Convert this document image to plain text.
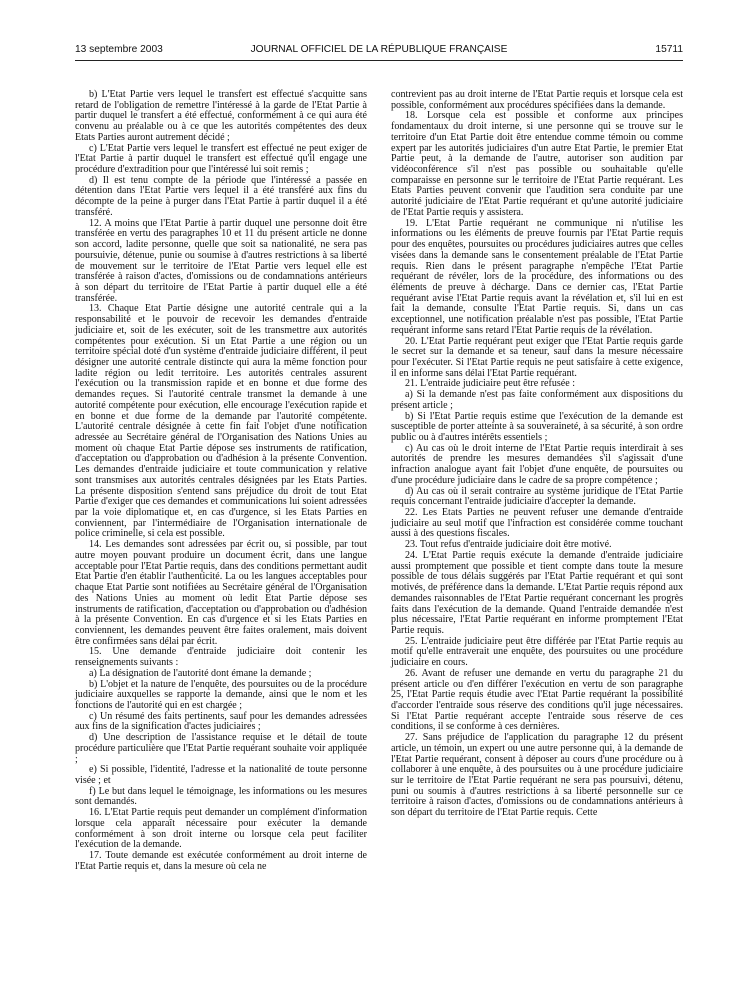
13 septembre 2003	JOURNAL OFFICIEL DE LA RÉPUBLIQUE FRANÇAISE	15711

b) L'Etat Partie vers lequel le transfert est effectué s'acquitte sans retard de l'obligation de remettre l'intéressé à la garde de l'Etat Partie à partir duquel le transfert a été effectué, conformément à ce qui aura été convenu au préalable ou à ce que les autorités compétentes des deux Etats Parties auront autrement décidé ;

c) L'Etat Partie vers lequel le transfert est effectué ne peut exiger de l'Etat Partie à partir duquel le transfert est effectué qu'il engage une procédure d'extradition pour que l'intéressé lui soit remis ;

d) Il est tenu compte de la période que l'intéressé a passée en détention dans l'Etat Partie vers lequel il a été transféré aux fins du décompte de la peine à purger dans l'Etat Partie à partir duquel il a été transféré.

12. A moins que l'Etat Partie à partir duquel une personne doit être transférée en vertu des paragraphes 10 et 11 du présent article ne donne son accord, ladite personne, quelle que soit sa nationalité, ne sera pas poursuivie, détenue, punie ou soumise à d'autres restrictions à sa liberté de mouvement sur le territoire de l'Etat Partie vers lequel elle est transférée à raison d'actes, d'omissions ou de condamnations antérieurs à son départ du territoire de l'Etat Partie à partir duquel elle a été transférée.

13. Chaque Etat Partie désigne une autorité centrale qui a la responsabilité et le pouvoir de recevoir les demandes d'entraide judiciaire et, soit de les exécuter, soit de les transmettre aux autorités compétentes pour exécution. Si un Etat Partie a une région ou un territoire spécial doté d'un système d'entraide judiciaire différent, il peut désigner une autorité centrale distincte qui aura la même fonction pour ladite région ou ledit territoire. Les autorités centrales assurent l'exécution ou la transmission rapide et en bonne et due forme des demandes reçues. Si l'autorité centrale transmet la demande à une autorité compétente pour exécution, elle encourage l'exécution rapide et en bonne et due forme de la demande par l'autorité compétente. L'autorité centrale désignée à cette fin fait l'objet d'une notification adressée au Secrétaire général de l'Organisation des Nations Unies au moment où chaque Etat Partie dépose ses instruments de ratification, d'acceptation ou d'approbation ou d'adhésion à la présente Convention. Les demandes d'entraide judiciaire et toute communication y relative sont transmises aux autorités centrales désignées par les Etats Parties. La présente disposition s'entend sans préjudice du droit de tout Etat Partie d'exiger que ces demandes et communications lui soient adressées par la voie diplomatique et, en cas d'urgence, si les Etats Parties en conviennent, par l'intermédiaire de l'Organisation internationale de police criminelle, si cela est possible.

14. Les demandes sont adressées par écrit ou, si possible, par tout autre moyen pouvant produire un document écrit, dans une langue acceptable pour l'Etat Partie requis, dans des conditions permettant audit Etat Partie d'en établir l'authenticité. La ou les langues acceptables pour chaque Etat Partie sont notifiées au Secrétaire général de l'Organisation des Nations Unies au moment où ledit Etat Partie dépose ses instruments de ratification, d'acceptation ou d'approbation ou d'adhésion à la présente Convention. En cas d'urgence et si les Etats Parties en conviennent, les demandes peuvent être faites oralement, mais doivent être confirmées sans délai par écrit.

15. Une demande d'entraide judiciaire doit contenir les renseignements suivants :

a) La désignation de l'autorité dont émane la demande ;

b) L'objet et la nature de l'enquête, des poursuites ou de la procédure judiciaire auxquelles se rapporte la demande, ainsi que le nom et les fonctions de l'autorité qui en est chargée ;

c) Un résumé des faits pertinents, sauf pour les demandes adressées aux fins de la signification d'actes judiciaires ;

d) Une description de l'assistance requise et le détail de toute procédure particulière que l'Etat Partie requérant souhaite voir appliquée ;

e) Si possible, l'identité, l'adresse et la nationalité de toute personne visée ; et

f) Le but dans lequel le témoignage, les informations ou les mesures sont demandés.

16. L'Etat Partie requis peut demander un complément d'information lorsque cela apparaît nécessaire pour exécuter la demande conformément à son droit interne ou lorsque cela peut faciliter l'exécution de la demande.

17. Toute demande est exécutée conformément au droit interne de l'Etat Partie requis et, dans la mesure où cela ne

contrevient pas au droit interne de l'Etat Partie requis et lorsque cela est possible, conformément aux procédures spécifiées dans la demande.

18. Lorsque cela est possible et conforme aux principes fondamentaux du droit interne, si une personne qui se trouve sur le territoire d'un Etat Partie doit être entendue comme témoin ou comme expert par les autorités judiciaires d'un autre Etat Partie, le premier Etat Partie peut, à la demande de l'autre, autoriser son audition par vidéoconférence s'il n'est pas possible ou souhaitable qu'elle comparaisse en personne sur le territoire de l'Etat Partie requérant. Les Etats Parties peuvent convenir que l'audition sera conduite par une autorité judiciaire de l'Etat Partie requérant et qu'une autorité judiciaire de l'Etat Partie requis y assistera.

19. L'Etat Partie requérant ne communique ni n'utilise les informations ou les éléments de preuve fournis par l'Etat Partie requis pour des enquêtes, poursuites ou procédures judiciaires autres que celles visées dans la demande sans le consentement préalable de l'Etat Partie requis. Rien dans le présent paragraphe n'empêche l'Etat Partie requérant de révéler, lors de la procédure, des informations ou des éléments de preuve à décharge. Dans ce dernier cas, l'Etat Partie requérant avise l'Etat Partie requis avant la révélation et, s'il lui en est fait la demande, consulte l'Etat Partie requis. Si, dans un cas exceptionnel, une notification préalable n'est pas possible, l'Etat Partie requérant informe sans retard l'Etat Partie requis de la révélation.

20. L'Etat Partie requérant peut exiger que l'Etat Partie requis garde le secret sur la demande et sa teneur, sauf dans la mesure nécessaire pour l'exécuter. Si l'Etat Partie requis ne peut satisfaire à cette exigence, il en informe sans délai l'Etat Partie requérant.

21. L'entraide judiciaire peut être refusée :

a) Si la demande n'est pas faite conformément aux dispositions du présent article ;

b) Si l'Etat Partie requis estime que l'exécution de la demande est susceptible de porter atteinte à sa souveraineté, à sa sécurité, à son ordre public ou à d'autres intérêts essentiels ;

c) Au cas où le droit interne de l'Etat Partie requis interdirait à ses autorités de prendre les mesures demandées s'il s'agissait d'une infraction analogue ayant fait l'objet d'une enquête, de poursuites ou d'une procédure judiciaire dans le cadre de sa propre compétence ;

d) Au cas où il serait contraire au système juridique de l'Etat Partie requis concernant l'entraide judiciaire d'accepter la demande.

22. Les Etats Parties ne peuvent refuser une demande d'entraide judiciaire au seul motif que l'infraction est considérée comme touchant aussi à des questions fiscales.

23. Tout refus d'entraide judiciaire doit être motivé.

24. L'Etat Partie requis exécute la demande d'entraide judiciaire aussi promptement que possible et tient compte dans toute la mesure possible de tous délais suggérés par l'Etat Partie requérant et qui sont motivés, de préférence dans la demande. L'Etat Partie requis répond aux demandes raisonnables de l'Etat Partie requérant concernant les progrès faits dans l'exécution de la demande. Quand l'entraide demandée n'est plus nécessaire, l'Etat Partie requérant en informe promptement l'Etat Partie requis.

25. L'entraide judiciaire peut être différée par l'Etat Partie requis au motif qu'elle entraverait une enquête, des poursuites ou une procédure judiciaire en cours.

26. Avant de refuser une demande en vertu du paragraphe 21 du présent article ou d'en différer l'exécution en vertu de son paragraphe 25, l'Etat Partie requis étudie avec l'Etat Partie requérant la possibilité d'accorder l'entraide sous réserve des conditions qu'il juge nécessaires. Si l'Etat Partie requérant accepte l'entraide sous réserve de ces conditions, il se conforme à ces dernières.

27. Sans préjudice de l'application du paragraphe 12 du présent article, un témoin, un expert ou une autre personne qui, à la demande de l'Etat Partie requérant, consent à déposer au cours d'une procédure ou à collaborer à une enquête, à des poursuites ou à une procédure judiciaire sur le territoire de l'Etat Partie requérant ne sera pas poursuivi, détenu, puni ou soumis à d'autres restrictions à sa liberté personnelle sur ce territoire à raison d'actes, d'omissions ou de condamnations antérieurs à son départ du territoire de l'Etat Partie requis. Cette
